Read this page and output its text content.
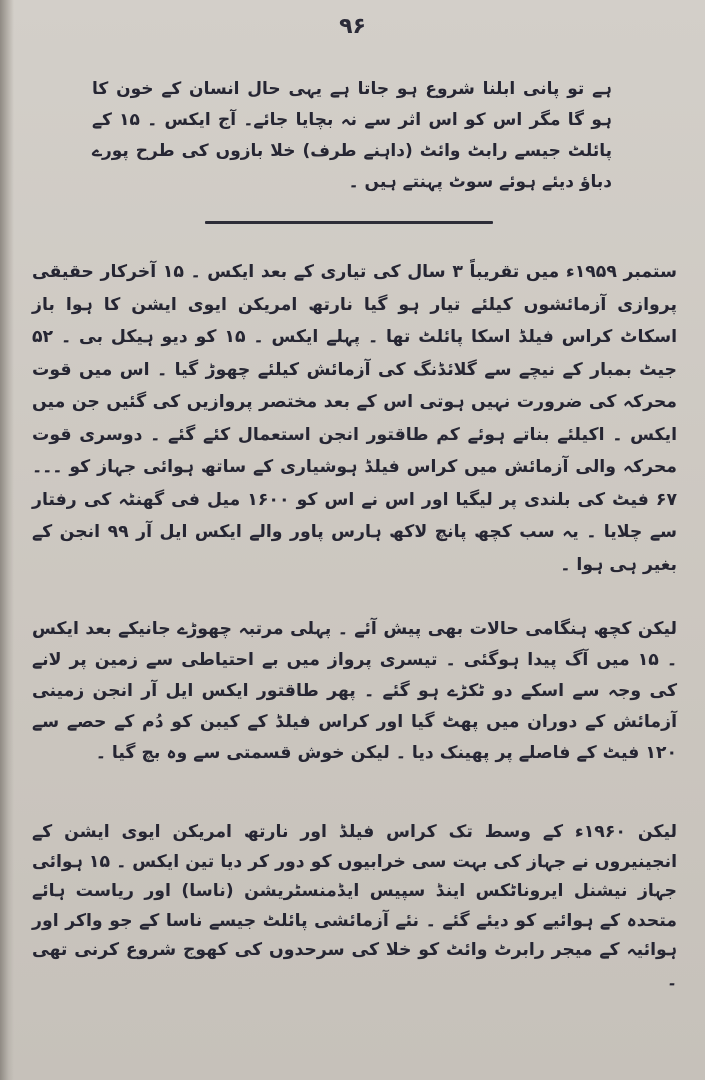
۹۶

ہے تو پانی ابلنا شروع ہو جاتا ہے یہی حال انسان کے خون کا ہو گا مگر اس کو اس اثر سے نہ بچایا جائے۔ آج ایکس ۔ ۱۵ کے پائلٹ جیسے رابٹ وائٹ (داہنے طرف) خلا بازوں کی طرح پورے دباؤ دیئے ہوئے سوٹ پہنتے ہیں ۔

ستمبر ۱۹۵۹ء میں تقریباً ۳ سال کی تیاری کے بعد ایکس ۔ ۱۵ آخرکار حقیقی پروازی آزمائشوں کیلئے تیار ہو گیا نارتھ امریکن ایوی ایشن کا ہوا باز اسکاٹ کراس فیلڈ اسکا پائلٹ تھا ۔ پہلے ایکس ۔ ۱۵ کو دیو ہیکل بی ۔ ۵۲ جیٹ بمبار کے نیچے سے گلائڈنگ کی آزمائش کیلئے چھوڑ گیا ۔ اس میں قوت محرکہ کی ضرورت نہیں ہوتی اس کے بعد مختصر پروازیں کی گئیں جن میں ایکس ۔ اکیلئے بناتے ہوئے کم طاقتور انجن استعمال کئے گئے ۔ دوسری قوت محرکہ والی آزمائش میں کراس فیلڈ ہوشیاری کے ساتھ ہوائی جہاز کو ۔۔۔ ۶۷ فیٹ کی بلندی پر لیگیا اور اس نے اس کو ۱۶۰۰ میل فی گھنٹہ کی رفتار سے چلایا ۔ یہ سب کچھ پانچ لاکھ ہارس پاور والے ایکس ایل آر ۹۹ انجن کے بغیر ہی ہوا ۔

لیکن کچھ ہنگامی حالات بھی پیش آئے ۔ پہلی مرتبہ چھوڑے جانیکے بعد ایکس ۔ ۱۵ میں آگ پیدا ہوگئی ۔ تیسری پرواز میں بے احتیاطی سے زمین پر لانے کی وجہ سے اسکے دو ٹکڑے ہو گئے ۔ پھر طاقتور ایکس ایل آر انجن زمینی آزمائش کے دوران میں پھٹ گیا اور کراس فیلڈ کے کیبن کو دُم کے حصے سے ۱۲۰ فیٹ کے فاصلے پر پھینک دیا ۔ لیکن خوش قسمتی سے وہ بچ گیا ۔

لیکن ۱۹۶۰ء کے وسط تک کراس فیلڈ اور نارتھ امریکن ایوی ایشن کے انجینیروں نے جہاز کی بہت سی خرابیوں کو دور کر دیا تین ایکس ۔ ۱۵ ہوائی جہاز نیشنل ایروناٹکس اینڈ سپیس ایڈمنسٹریشن (ناسا) اور ریاست ہائے متحدہ کے ہوائیے کو دیئے گئے ۔ نئے آزمائشی پائلٹ جیسے ناسا کے جو واکر اور ہوائیہ کے میجر رابرٹ وائٹ کو خلا کی سرحدوں کی کھوج شروع کرنی تھی ۔
